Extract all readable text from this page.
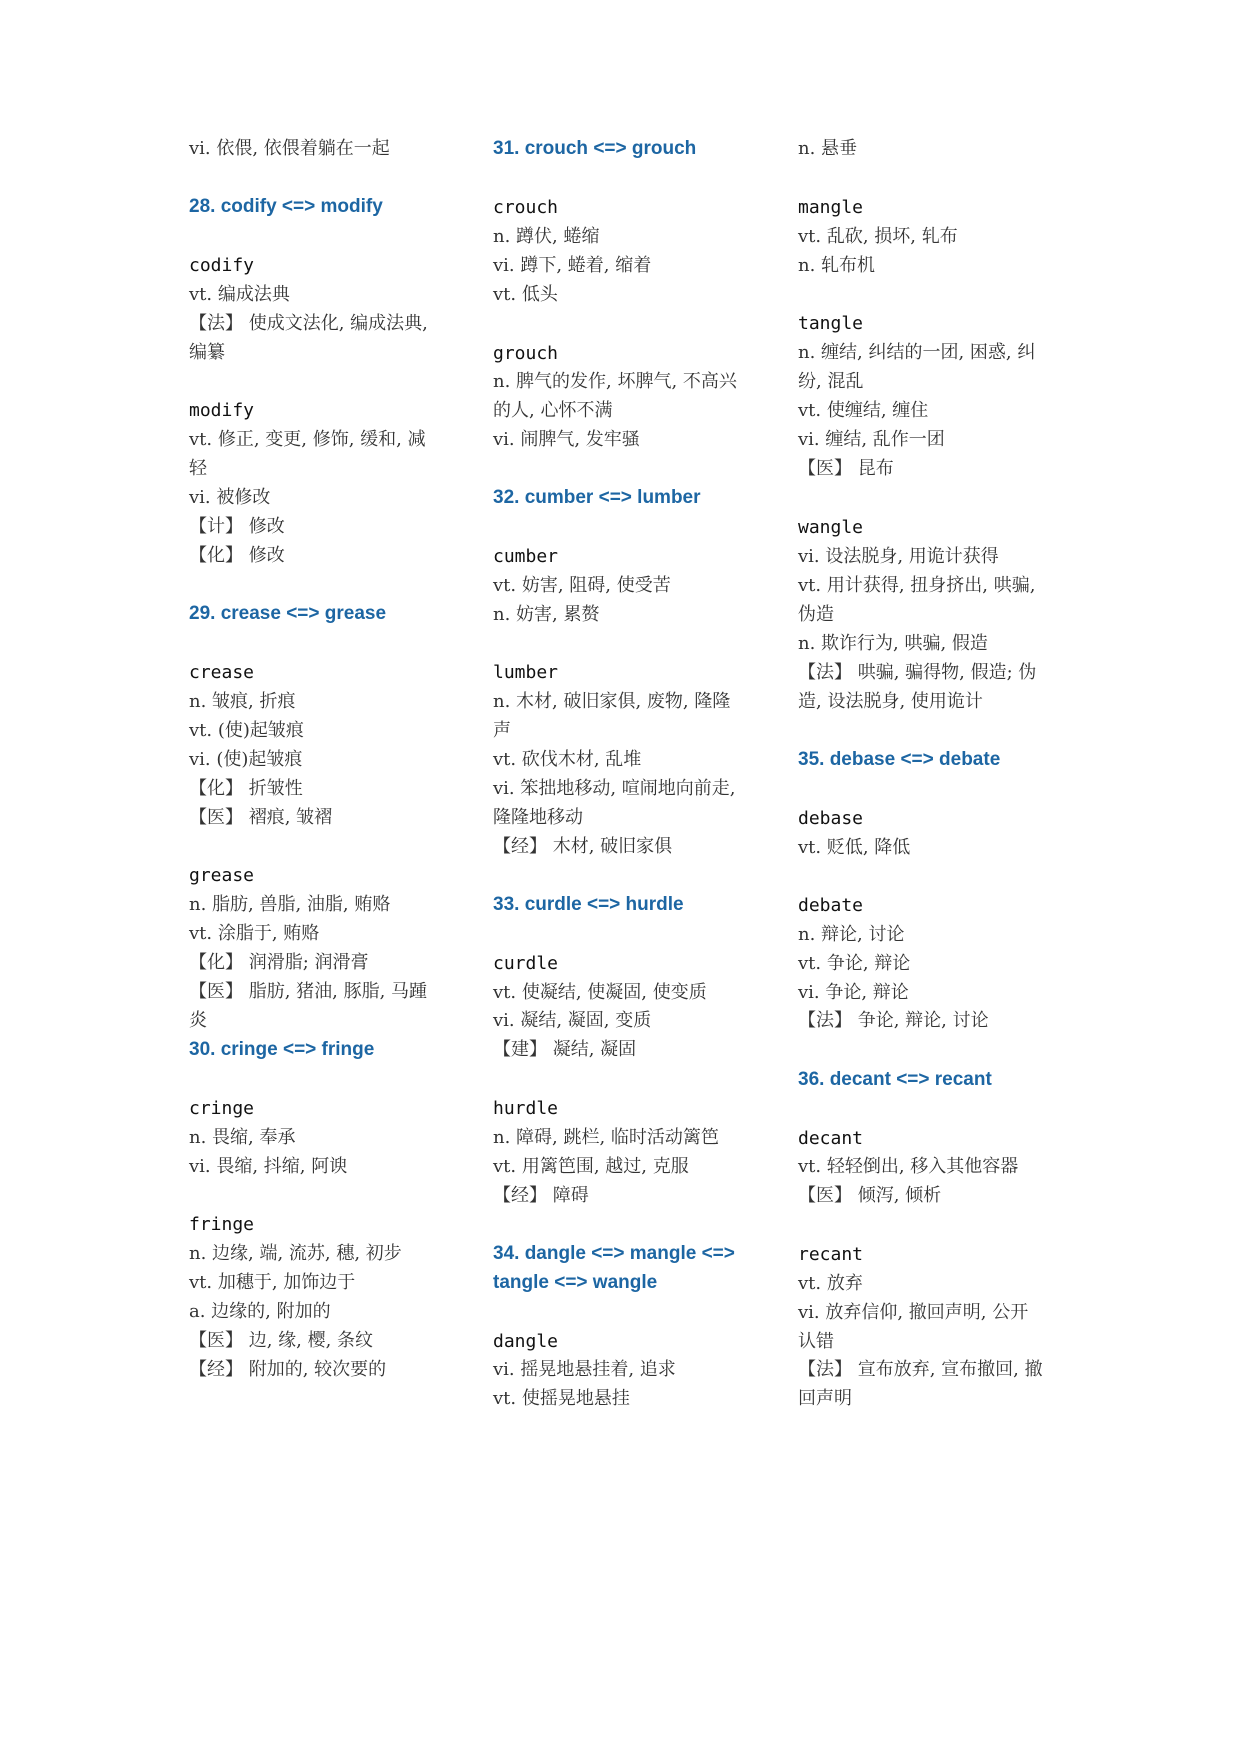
vi. 依偎, 依偎着躺在一起
28. codify <=> modify
codify
vt. 编成法典
【法】 使成文法化, 编成法典,
编纂
modify
vt. 修正, 变更, 修饰, 缓和, 减
轻
vi. 被修改
【计】 修改
【化】 修改
29. crease <=> grease
crease
n. 皱痕, 折痕
vt. (使)起皱痕
vi. (使)起皱痕
【化】 折皱性
【医】 褶痕, 皱褶
grease
n. 脂肪, 兽脂, 油脂, 贿赂
vt. 涂脂于, 贿赂
【化】 润滑脂; 润滑膏
【医】 脂肪, 猪油, 豚脂, 马踵
炎
30. cringe <=> fringe
cringe
n. 畏缩, 奉承
vi. 畏缩, 抖缩, 阿谀
fringe
n. 边缘, 端, 流苏, 穗, 初步
vt. 加穗于, 加饰边于
a. 边缘的, 附加的
【医】 边, 缘, 樱, 条纹
【经】 附加的, 较次要的
31. crouch <=> grouch
crouch
n. 蹲伏, 蜷缩
vi. 蹲下, 蜷着, 缩着
vt. 低头
grouch
n. 脾气的发作, 坏脾气, 不高兴
的人, 心怀不满
vi. 闹脾气, 发牢骚
32. cumber <=> lumber
cumber
vt. 妨害, 阻碍, 使受苦
n. 妨害, 累赘
lumber
n. 木材, 破旧家俱, 废物, 隆隆
声
vt. 砍伐木材, 乱堆
vi. 笨拙地移动, 喧闹地向前走,
隆隆地移动
【经】 木材, 破旧家俱
33. curdle <=> hurdle
curdle
vt. 使凝结, 使凝固, 使变质
vi. 凝结, 凝固, 变质
【建】 凝结, 凝固
hurdle
n. 障碍, 跳栏, 临时活动篱笆
vt. 用篱笆围, 越过, 克服
【经】 障碍
34. dangle <=> mangle <=>
tangle <=> wangle
dangle
vi. 摇晃地悬挂着, 追求
vt. 使摇晃地悬挂
n. 悬垂
mangle
vt. 乱砍, 损坏, 轧布
n. 轧布机
tangle
n. 缠结, 纠结的一团, 困惑, 纠
纷, 混乱
vt. 使缠结, 缠住
vi. 缠结, 乱作一团
【医】 昆布
wangle
vi. 设法脱身, 用诡计获得
vt. 用计获得, 扭身挤出, 哄骗,
伪造
n. 欺诈行为, 哄骗, 假造
【法】 哄骗, 骗得物, 假造; 伪
造, 设法脱身, 使用诡计
35. debase <=> debate
debase
vt. 贬低, 降低
debate
n. 辩论, 讨论
vt. 争论, 辩论
vi. 争论, 辩论
【法】 争论, 辩论, 讨论
36. decant <=> recant
decant
vt. 轻轻倒出, 移入其他容器
【医】 倾泻, 倾析
recant
vt. 放弃
vi. 放弃信仰, 撤回声明, 公开
认错
【法】 宣布放弃, 宣布撤回, 撤
回声明
